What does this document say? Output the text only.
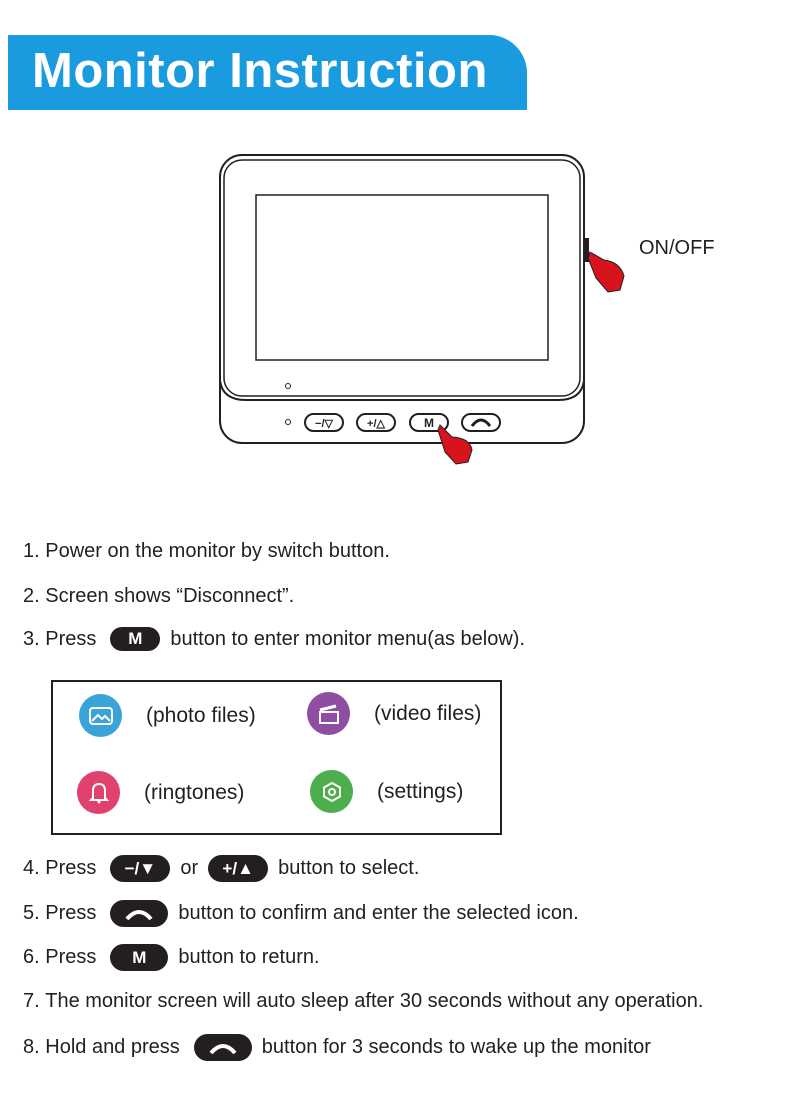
Monitor Instruction
−/▽	+/△	M
ON/OFF
1.
Power on the monitor by switch button.
2.
Screen shows “Disconnect”.
3.
Press	M	button to enter monitor menu(as below).
(photo files)	(video files)
(ringtones)	(settings)
4.
Press	−/▼	or	+/▲	button to select.
5.
Press	button to confirm and enter the selected icon.
6.
Press	M	button to return.
7.
The monitor screen will auto sleep after 30 seconds without any operation.
8.
Hold and press	button for 3 seconds to wake up the monitor
